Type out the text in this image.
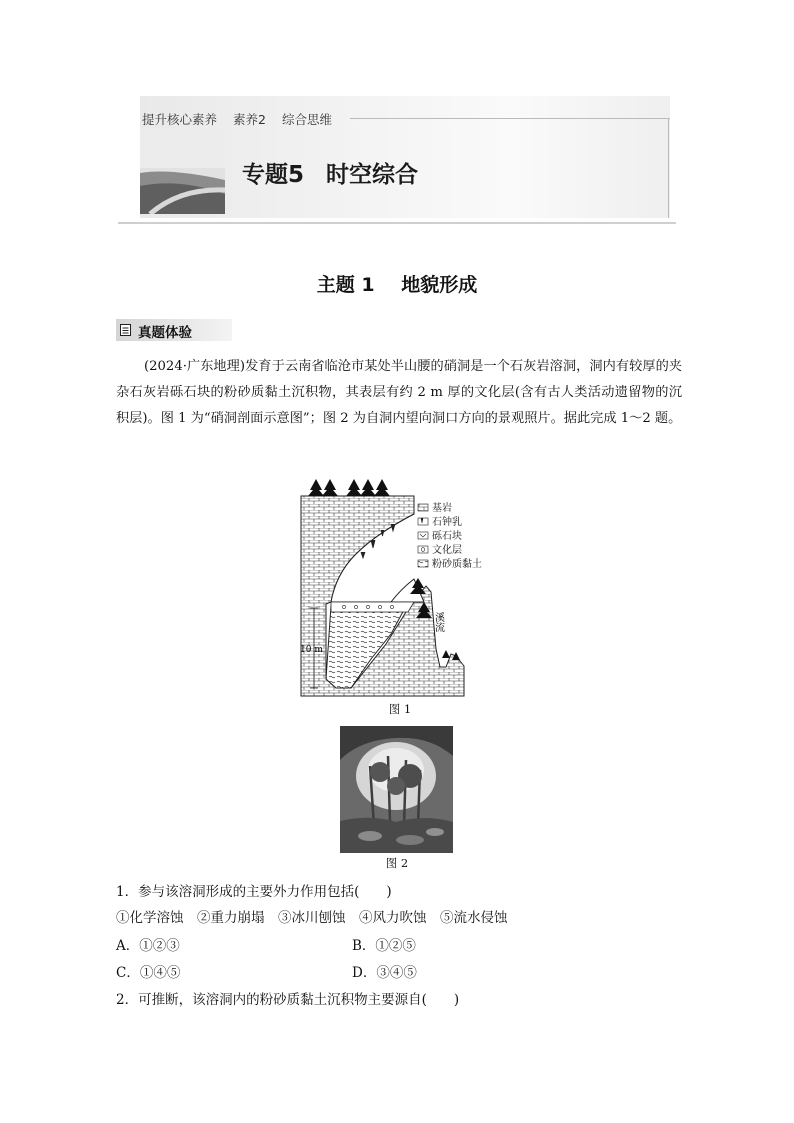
提升核心素养 素养2 综合思维
专题5 时空综合
主题 1 地貌形成
真题体验
(2024·广东地理)发育于云南省临沧市某处半山腰的硝洞是一个石灰岩溶洞，洞内有较厚的夹杂石灰岩砾石块的粉砂质黏土沉积物，其表层有约 2 m 厚的文化层(含有古人类活动遗留物的沉积层)。图 1 为“硝洞剖面示意图”；图 2 为自洞内望向洞口方向的景观照片。据此完成 1～2 题。
10 m
基岩
石钟乳
砾石块
文化层
粉砂质黏土
溪流
图 1
图 2
1．参与该溶洞形成的主要外力作用包括(　　)
①化学溶蚀　②重力崩塌　③冰川刨蚀　④风力吹蚀　⑤流水侵蚀
A．①②③	B．①②⑤
C．①④⑤	D．③④⑤
2．可推断，该溶洞内的粉砂质黏土沉积物主要源自(　　)
